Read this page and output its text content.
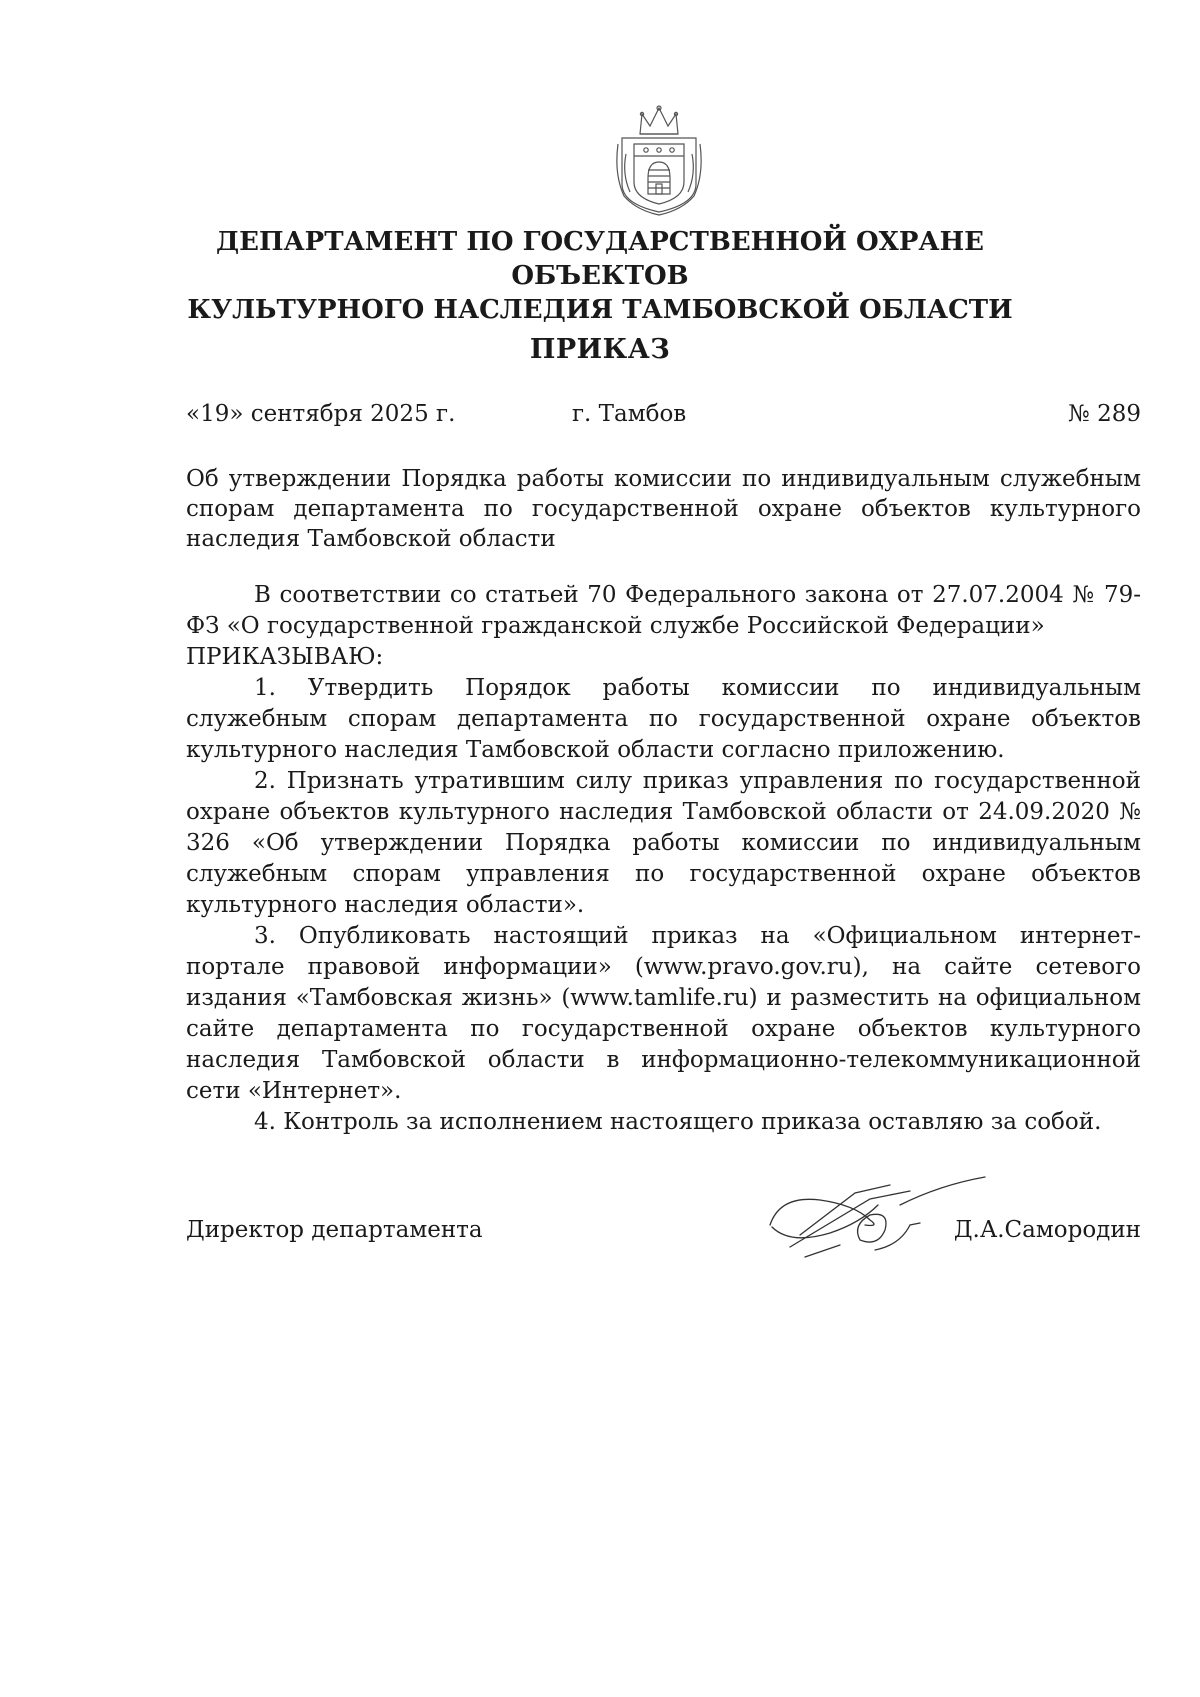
ДЕПАРТАМЕНТ ПО ГОСУДАРСТВЕННОЙ ОХРАНЕ ОБЪЕКТОВ
КУЛЬТУРНОГО НАСЛЕДИЯ ТАМБОВСКОЙ ОБЛАСТИ
ПРИКАЗ
«19» сентября 2025 г.	г. Тамбов	№ 289
Об утверждении Порядка работы комиссии по индивидуальным служебным спорам департамента по государственной охране объектов культурного наследия Тамбовской области

В соответствии со статьей 70 Федерального закона от 27.07.2004 № 79-ФЗ «О государственной гражданской службе Российской Федерации»
ПРИКАЗЫВАЮ:

1. Утвердить Порядок работы комиссии по индивидуальным служебным спорам департамента по государственной охране объектов культурного наследия Тамбовской области согласно приложению.

2. Признать утратившим силу приказ управления по государственной охране объектов культурного наследия Тамбовской области от 24.09.2020 № 326 «Об утверждении Порядка работы комиссии по индивидуальным служебным спорам управления по государственной охране объектов культурного наследия области».

3. Опубликовать настоящий приказ на «Официальном интернет-портале правовой информации» (www.pravo.gov.ru), на сайте сетевого издания «Тамбовская жизнь» (www.tamlife.ru) и разместить на официальном сайте департамента по государственной охране объектов культурного наследия Тамбовской области в информационно-телекоммуникационной сети «Интернет».

4. Контроль за исполнением настоящего приказа оставляю за собой.

Директор департамента	Д.А.Самородин
